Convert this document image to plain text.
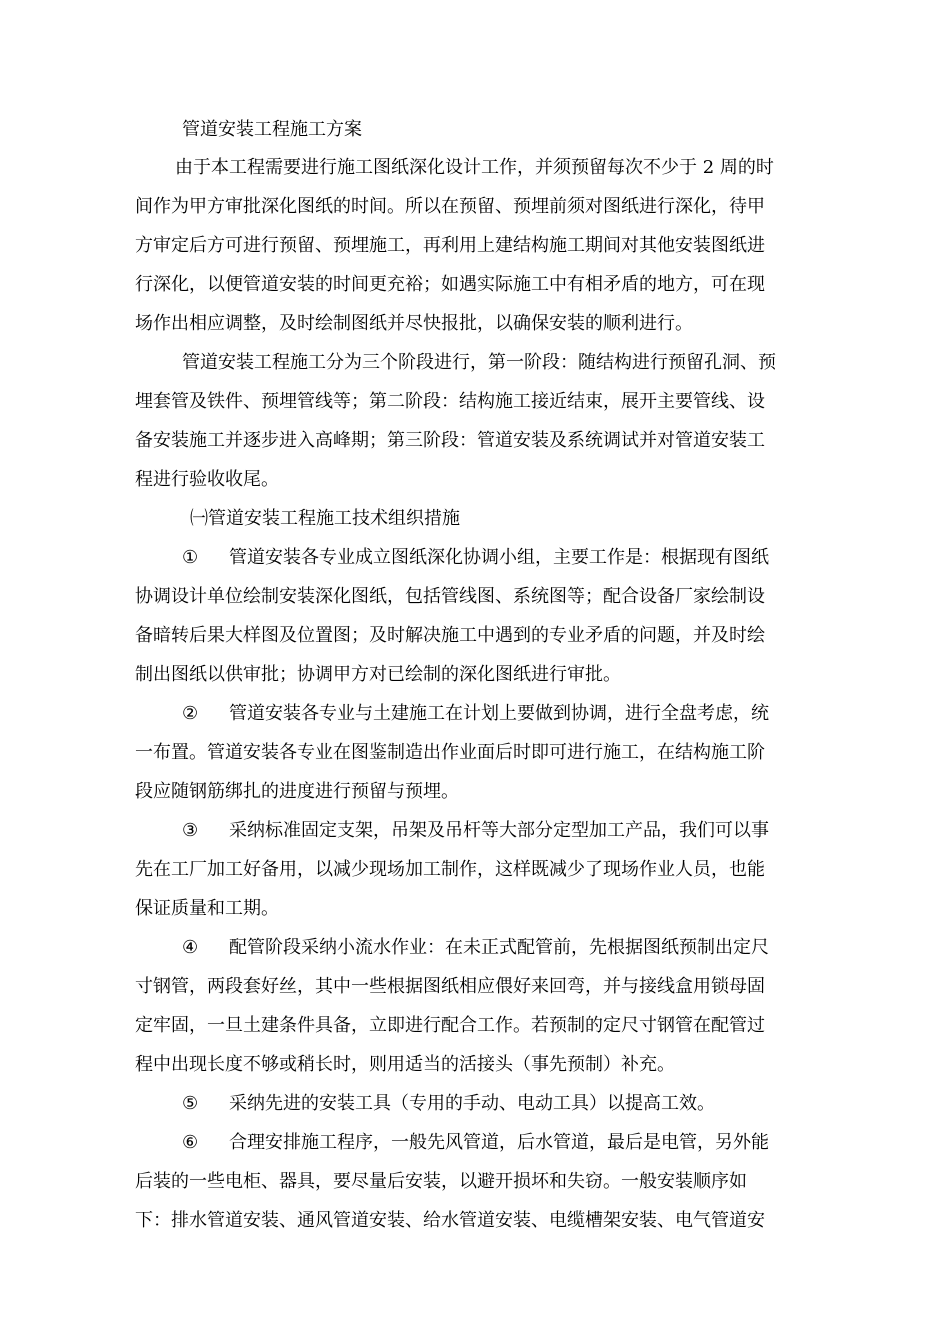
管道安装工程施工方案
由于本工程需要进行施工图纸深化设计工作，并须预留每次不少于 2 周的时
间作为甲方审批深化图纸的时间。所以在预留、预埋前须对图纸进行深化，待甲
方审定后方可进行预留、预埋施工，再利用上建结构施工期间对其他安装图纸进
行深化，以便管道安装的时间更充裕；如遇实际施工中有相矛盾的地方，可在现
场作出相应调整，及时绘制图纸并尽快报批，以确保安装的顺利进行。
管道安装工程施工分为三个阶段进行，第一阶段：随结构进行预留孔洞、预
埋套管及铁件、预埋管线等；第二阶段：结构施工接近结束，展开主要管线、设
备安装施工并逐步进入高峰期；第三阶段：管道安装及系统调试并对管道安装工
程进行验收收尾。
㈠管道安装工程施工技术组织措施
① 管道安装各专业成立图纸深化协调小组，主要工作是：根据现有图纸
协调设计单位绘制安装深化图纸，包括管线图、系统图等；配合设备厂家绘制设
备暗转后果大样图及位置图；及时解决施工中遇到的专业矛盾的问题，并及时绘
制出图纸以供审批；协调甲方对已绘制的深化图纸进行审批。
② 管道安装各专业与土建施工在计划上要做到协调，进行全盘考虑，统
一布置。管道安装各专业在图鉴制造出作业面后时即可进行施工，在结构施工阶
段应随钢筋绑扎的进度进行预留与预埋。
③ 采纳标准固定支架，吊架及吊杆等大部分定型加工产品，我们可以事
先在工厂加工好备用，以减少现场加工制作，这样既减少了现场作业人员，也能
保证质量和工期。
④ 配管阶段采纳小流水作业：在未正式配管前，先根据图纸预制出定尺
寸钢管，两段套好丝，其中一些根据图纸相应偎好来回弯，并与接线盒用锁母固
定牢固，一旦土建条件具备，立即进行配合工作。若预制的定尺寸钢管在配管过
程中出现长度不够或稍长时，则用适当的活接头（事先预制）补充。
⑤ 采纳先进的安装工具（专用的手动、电动工具）以提高工效。
⑥ 合理安排施工程序，一般先风管道，后水管道，最后是电管，另外能
后装的一些电柜、器具，要尽量后安装，以避开损坏和失窃。一般安装顺序如
下：排水管道安装、通风管道安装、给水管道安装、电缆槽架安装、电气管道安
